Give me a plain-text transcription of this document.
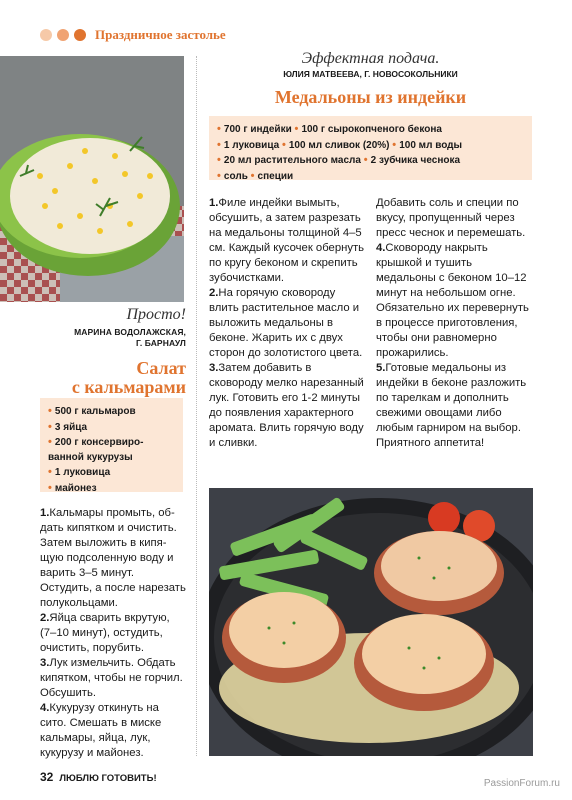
Праздничное застолье
Просто!
МАРИНА ВОДОЛАЖСКАЯ,
Г. БАРНАУЛ
Салат
с кальмарами
• 500 г кальмаров
• 3 яйца
• 200 г консервиро-
ванной кукурузы
• 1 луковица
• майонез

1.Кальмары промыть, об-дать кипятком и очистить. Затем выложить в кипя-щую подсоленную воду и варить 3–5 минут. Остудить, а после нарезать полукольцами.

2.Яйца сварить вкрутую, (7–10 минут), остудить, очистить, порубить.

3.Лук измельчить. Обдать кипятком, чтобы не горчил. Обсушить.

4.Кукурузу откинуть на сито. Смешать в миске кальмары, яйца, лук, кукурузу и майонез.

Эффектная подача.
ЮЛИЯ МАТВЕЕВА, Г. НОВОСОКОЛЬНИКИ
Медальоны из индейки
• 700 г индейки • 100 г сырокопченого бекона
• 1 луковица • 100 мл сливок (20%) • 100 мл воды
• 20 мл растительного масла • 2 зубчика чеснока
• соль • специи

1.Филе индейки вымыть, обсушить, а затем разрезать на медальоны толщиной 4–5 см. Каждый кусочек обернуть по кругу беконом и скрепить зубочистками.

2.На горячую сковороду влить растительное масло и выложить медальоны в беконе. Жарить их с двух сторон до золотистого цвета.

3.Затем добавить в сковороду мелко нарезанный лук. Готовить его 1-2 минуты до появления характерного аромата. Влить горячую воду и сливки.

Добавить соль и специи по вкусу, пропущенный через пресс чеснок и перемешать.

4.Сковороду накрыть крышкой и тушить медальоны с беконом 10–12 минут на небольшом огне. Обязательно их перевернуть в процессе приготовления, чтобы они равномерно прожарились.

5.Готовые медальоны из индейки в беконе разложить по тарелкам и дополнить свежими овощами либо любым гарниром на выбор. Приятного аппетита!

32 ЛЮБЛЮ ГОТОВИТЬ!	PassionForum.ru
